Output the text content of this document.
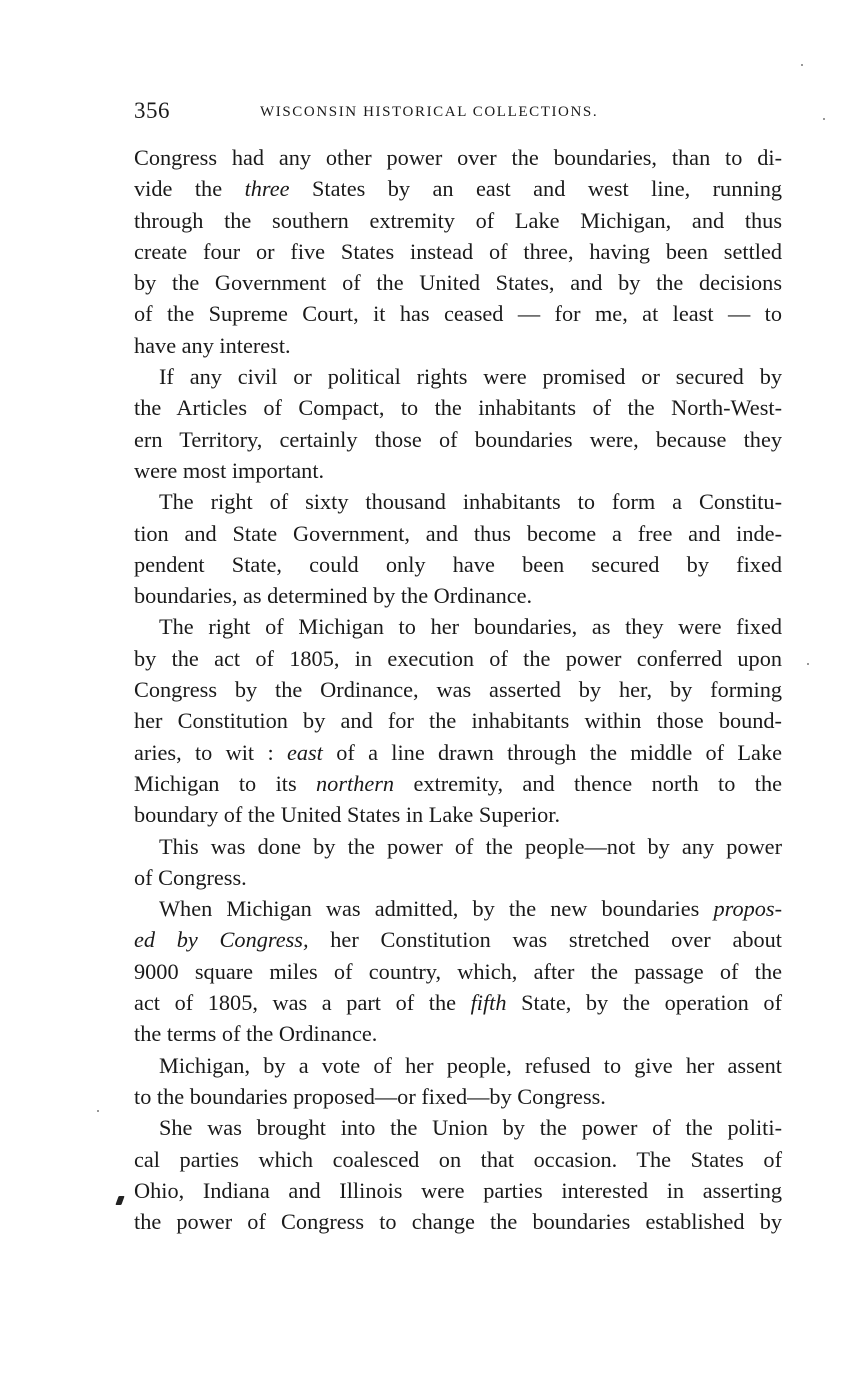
356	WISCONSIN HISTORICAL COLLECTIONS.
Congress had any other power over the boundaries, than to di-
vide the three States by an east and west line, running
through the southern extremity of Lake Michigan, and thus
create four or five States instead of three, having been settled
by the Government of the United States, and by the decisions
of the Supreme Court, it has ceased — for me, at least — to
have any interest.
If any civil or political rights were promised or secured by
the Articles of Compact, to the inhabitants of the North-West-
ern Territory, certainly those of boundaries were, because they
were most important.
The right of sixty thousand inhabitants to form a Constitu-
tion and State Government, and thus become a free and inde-
pendent State, could only have been secured by fixed
boundaries, as determined by the Ordinance.
The right of Michigan to her boundaries, as they were fixed
by the act of 1805, in execution of the power conferred upon
Congress by the Ordinance, was asserted by her, by forming
her Constitution by and for the inhabitants within those bound-
aries, to wit : east of a line drawn through the middle of Lake
Michigan to its northern extremity, and thence north to the
boundary of the United States in Lake Superior.
This was done by the power of the people—not by any power
of Congress.
When Michigan was admitted, by the new boundaries propos-
ed by Congress, her Constitution was stretched over about
9000 square miles of country, which, after the passage of the
act of 1805, was a part of the fifth State, by the operation of
the terms of the Ordinance.
Michigan, by a vote of her people, refused to give her assent
to the boundaries proposed—or fixed—by Congress.
She was brought into the Union by the power of the politi-
cal parties which coalesced on that occasion. The States of
Ohio, Indiana and Illinois were parties interested in asserting
the power of Congress to change the boundaries established by
